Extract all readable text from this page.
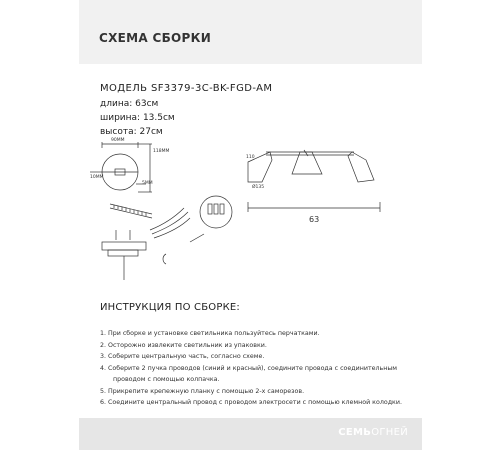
СХЕМА СБОРКИ
МОДЕЛЬ SF3379-3C-BK-FGD-AM
длина: 63см
ширина: 13.5см
высота: 27см
90ММ
118ММ
10ММ
5ММ
110
Ø135
63
ИНСТРУКЦИЯ ПО СБОРКЕ:
1. При сборке и установке светильника пользуйтесь перчатками.
2. Осторожно извлеките светильник из упаковки.
3. Соберите центральную часть, согласно схеме.
4. Соберите 2 пучка проводов (синий и красный), соедините провода с соединительным
проводом с помощью колпачка.
5. Прикрепите крепежную планку с помощью 2-х саморезов.
6. Соедините центральный провод с проводом электросети с помощью клемной колодки.
СЕМЬОГНЕЙ
